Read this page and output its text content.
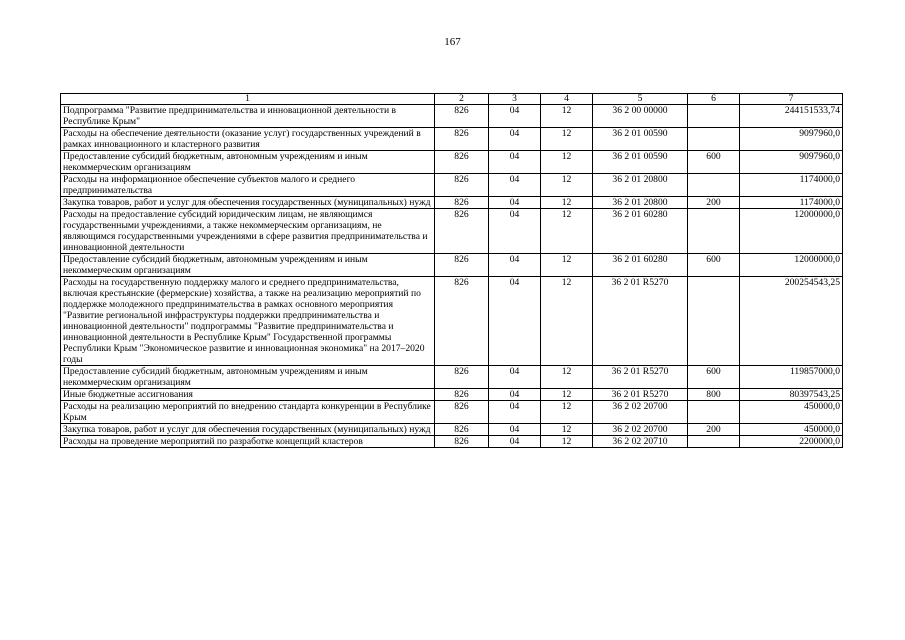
167
1	2	3	4	5	6	7
Подпрограмма "Развитие предпринимательства и инновационной деятельности в Республике Крым"	826	04	12	36 2 00 00000		244151533,74
Расходы на обеспечение деятельности (оказание услуг) государственных учреждений в рамках инновационного и кластерного развития	826	04	12	36 2 01 00590		9097960,0
Предоставление субсидий бюджетным, автономным учреждениям и иным некоммерческим организациям	826	04	12	36 2 01 00590	600	9097960,0
Расходы на информационное обеспечение субъектов малого и среднего предпринимательства	826	04	12	36 2 01 20800		1174000,0
Закупка товаров, работ и услуг для обеспечения государственных (муниципальных) нужд	826	04	12	36 2 01 20800	200	1174000,0
Расходы на предоставление субсидий юридическим лицам, не являющимся государственными учреждениями, а также некоммерческим организациям, не являющимся государственными учреждениями в сфере развития предпринимательства и инновационной деятельности	826	04	12	36 2 01 60280		12000000,0
Предоставление субсидий бюджетным, автономным учреждениям и иным некоммерческим организациям	826	04	12	36 2 01 60280	600	12000000,0
Расходы на государственную поддержку малого и среднего предпринимательства, включая крестьянские (фермерские) хозяйства, а также на реализацию мероприятий по поддержке молодежного предпринимательства в рамках основного мероприятия "Развитие региональной инфраструктуры поддержки предпринимательства и инновационной деятельности" подпрограммы "Развитие предпринимательства и инновационной деятельности в Республике Крым" Государственной программы Республики Крым "Экономическое развитие и инновационная экономика" на 2017–2020 годы	826	04	12	36 2 01 R5270		200254543,25
Предоставление субсидий бюджетным, автономным учреждениям и иным некоммерческим организациям	826	04	12	36 2 01 R5270	600	119857000,0
Иные бюджетные ассигнования	826	04	12	36 2 01 R5270	800	80397543,25
Расходы на реализацию мероприятий по внедрению стандарта конкуренции в Республике Крым	826	04	12	36 2 02 20700		450000,0
Закупка товаров, работ и услуг для обеспечения государственных (муниципальных) нужд	826	04	12	36 2 02 20700	200	450000,0
Расходы на проведение мероприятий по разработке концепций кластеров	826	04	12	36 2 02 20710		2200000,0
